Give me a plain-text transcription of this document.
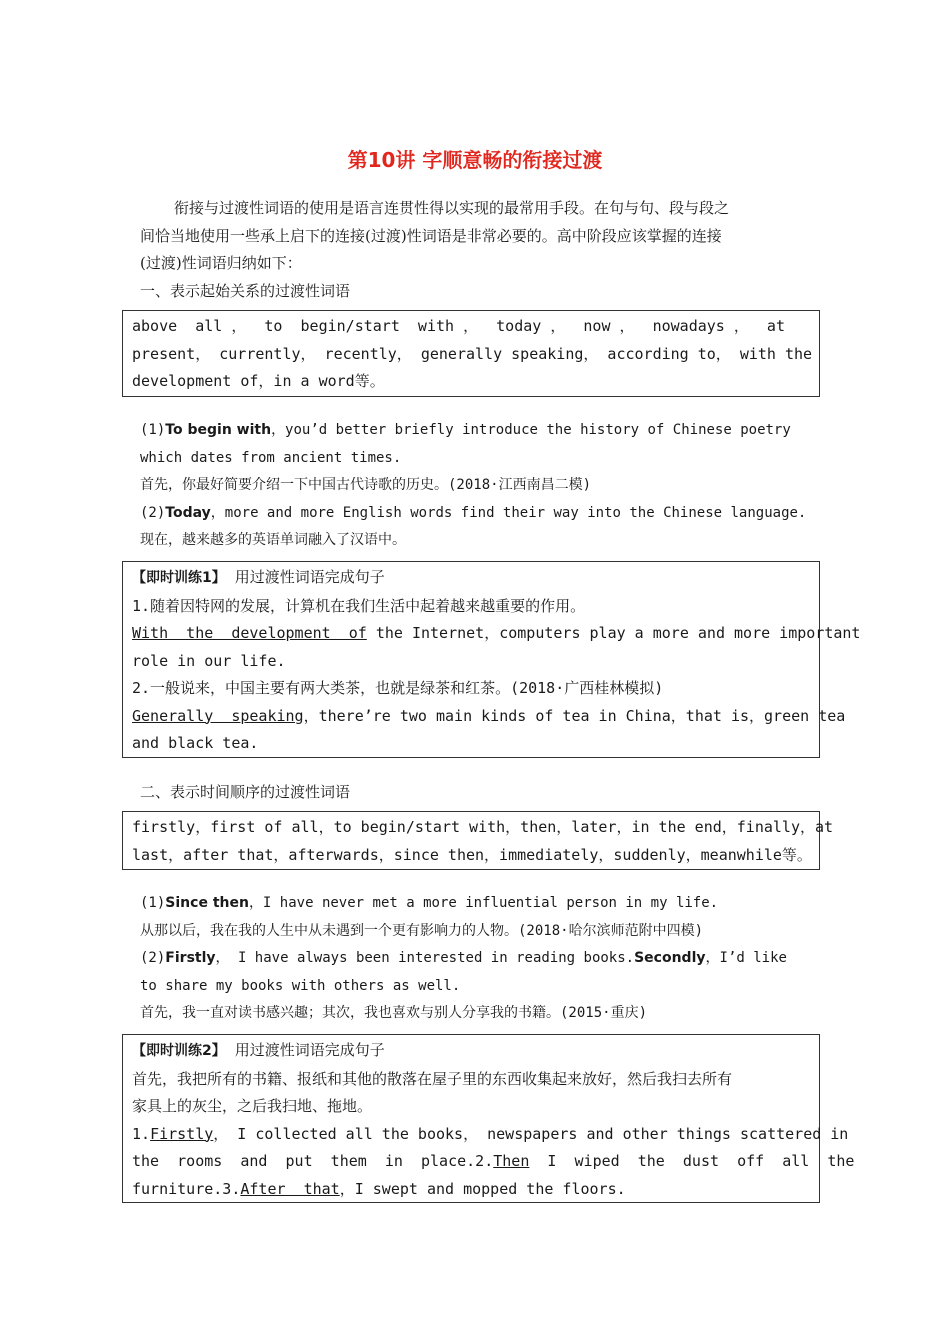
第10讲 字顺意畅的衔接过渡
衔接与过渡性词语的使用是语言连贯性得以实现的最常用手段。在句与句、段与段之
间恰当地使用一些承上启下的连接(过渡)性词语是非常必要的。高中阶段应该掌握的连接
(过渡)性词语归纳如下：
一、表示起始关系的过渡性词语
above  all ，  to  begin/start  with ，  today ，  now ，  nowadays ，  at
present， currently， recently， generally speaking， according to， with the
development of，in a word等。
(1)To begin with，you’d better briefly introduce the history of Chinese poetry
which dates from ancient times.
首先，你最好简要介绍一下中国古代诗歌的历史。(2018·江西南昌二模)
(2)Today，more and more English words find their way into the Chinese language.
现在，越来越多的英语单词融入了汉语中。
【即时训练1】 用过渡性词语完成句子
1.随着因特网的发展，计算机在我们生活中起着越来越重要的作用。
With  the  development  of the Internet，computers play a more and more important
role in our life.
2.一般说来，中国主要有两大类茶，也就是绿茶和红茶。(2018·广西桂林模拟)
Generally  speaking，there’re two main kinds of tea in China，that is，green tea
and black tea.
二、表示时间顺序的过渡性词语
firstly，first of all，to begin/start with，then，later，in the end，finally，at
last，after that，afterwards，since then，immediately，suddenly，meanwhile等。
(1)Since then，I have never met a more influential person in my life.
从那以后，我在我的人生中从未遇到一个更有影响力的人物。(2018·哈尔滨师范附中四模)
(2)Firstly， I have always been interested in reading books.Secondly，I’d like
to share my books with others as well.
首先，我一直对读书感兴趣；其次，我也喜欢与别人分享我的书籍。(2015·重庆)
【即时训练2】 用过渡性词语完成句子
首先，我把所有的书籍、报纸和其他的散落在屋子里的东西收集起来放好，然后我扫去所有
家具上的灰尘，之后我扫地、拖地。
1.Firstly， I collected all the books， newspapers and other things scattered in
the  rooms  and  put  them  in  place.2.Then  I  wiped  the  dust  off  all  the
furniture.3.After  that，I swept and mopped the floors.
